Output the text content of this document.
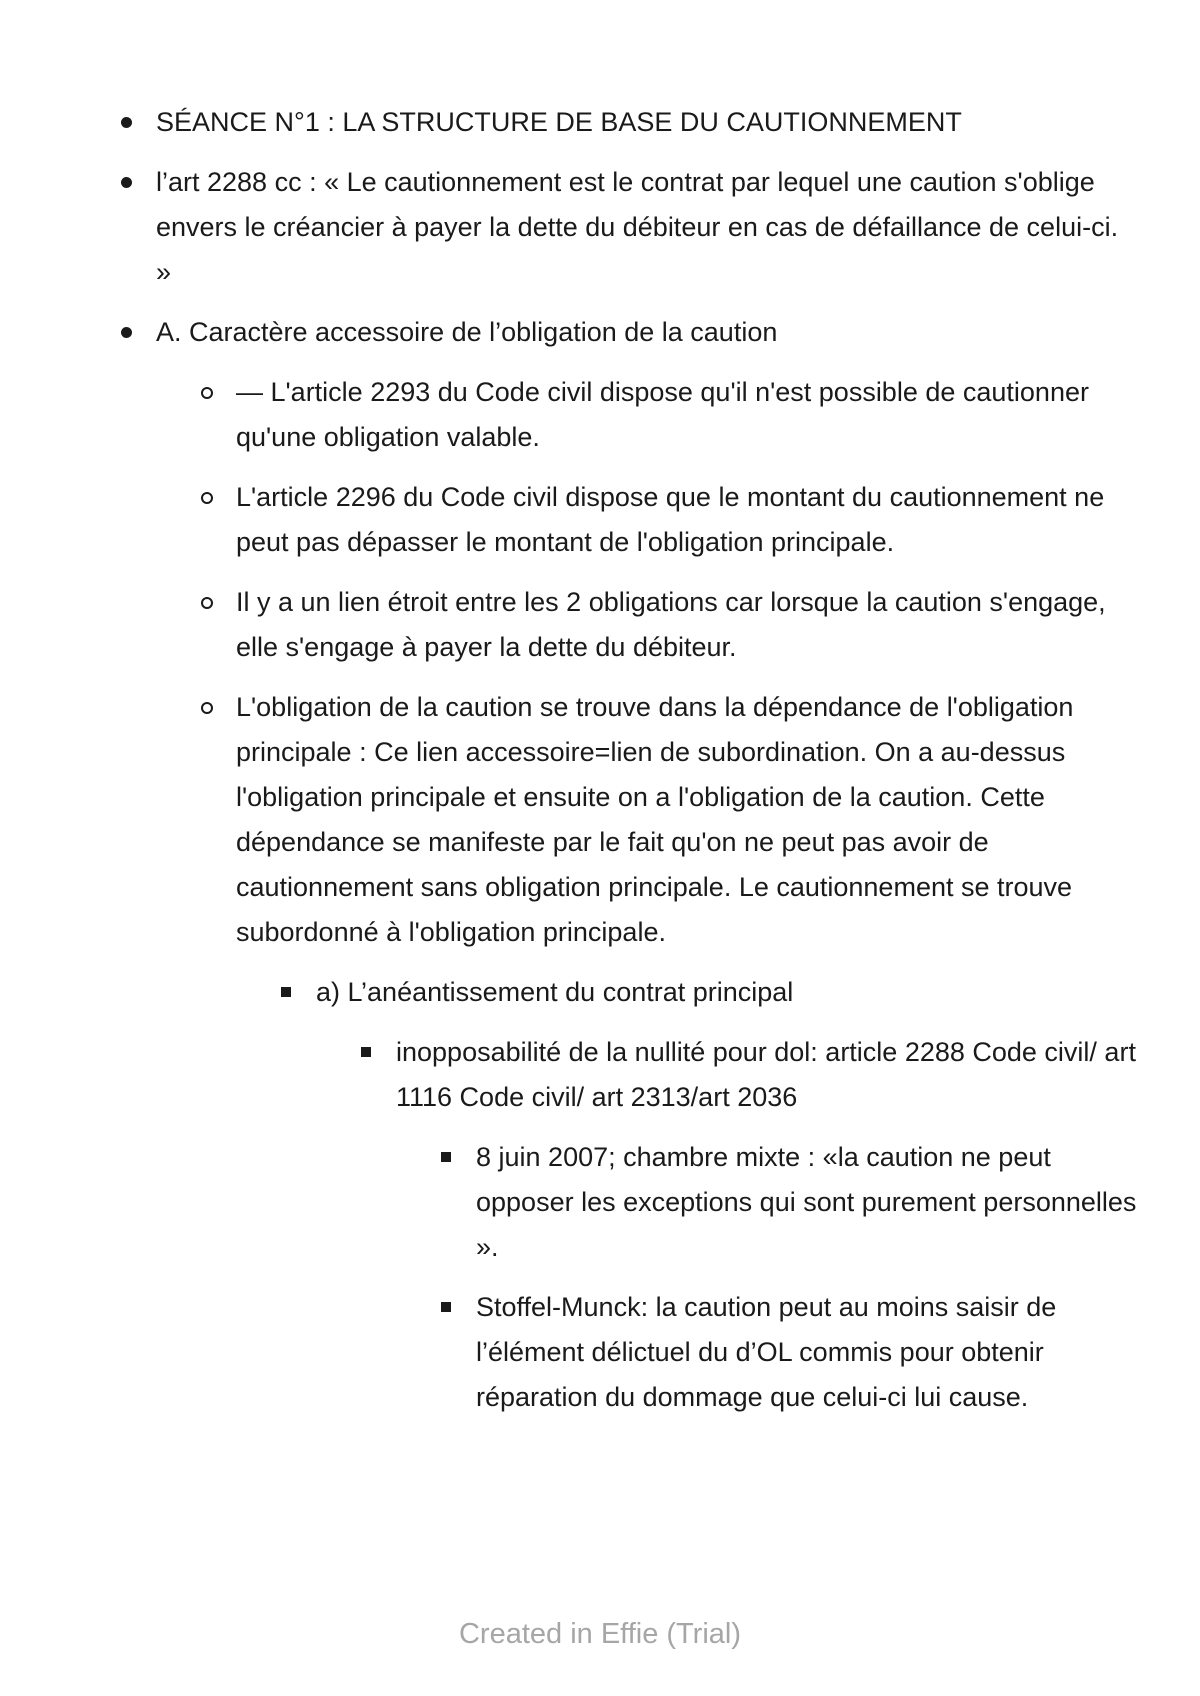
SÉANCE N°1 : LA STRUCTURE DE BASE DU CAUTIONNEMENT
l’art 2288 cc : « Le cautionnement est le contrat par lequel une caution s'oblige envers le créancier à payer la dette du débiteur en cas de défaillance de celui-ci. »
A. Caractère accessoire de l’obligation de la caution
— L'article 2293 du Code civil dispose qu'il n'est possible de cautionner qu'une obligation valable.
L'article 2296 du Code civil dispose que le montant du cautionnement ne peut pas dépasser le montant de l'obligation principale.
Il y a un lien étroit entre les 2 obligations car lorsque la caution s'engage, elle s'engage à payer la dette du débiteur.
L'obligation de la caution se trouve dans la dépendance de l'obligation principale : Ce lien accessoire=lien de subordination. On a au-dessus l'obligation principale et ensuite on a l'obligation de la caution. Cette dépendance se manifeste par le fait qu'on ne peut pas avoir de cautionnement sans obligation principale. Le cautionnement se trouve subordonné à l'obligation principale.
a) L’anéantissement du contrat principal
inopposabilité de la nullité pour dol: article 2288 Code civil/ art 1116 Code civil/ art 2313/art 2036
8 juin 2007; chambre mixte : «la caution ne peut opposer les exceptions qui sont purement personnelles ».
Stoffel-Munck: la caution peut au moins saisir de l’élément délictuel du d’OL commis pour obtenir réparation du dommage que celui-ci lui cause.
Created in Effie (Trial)
